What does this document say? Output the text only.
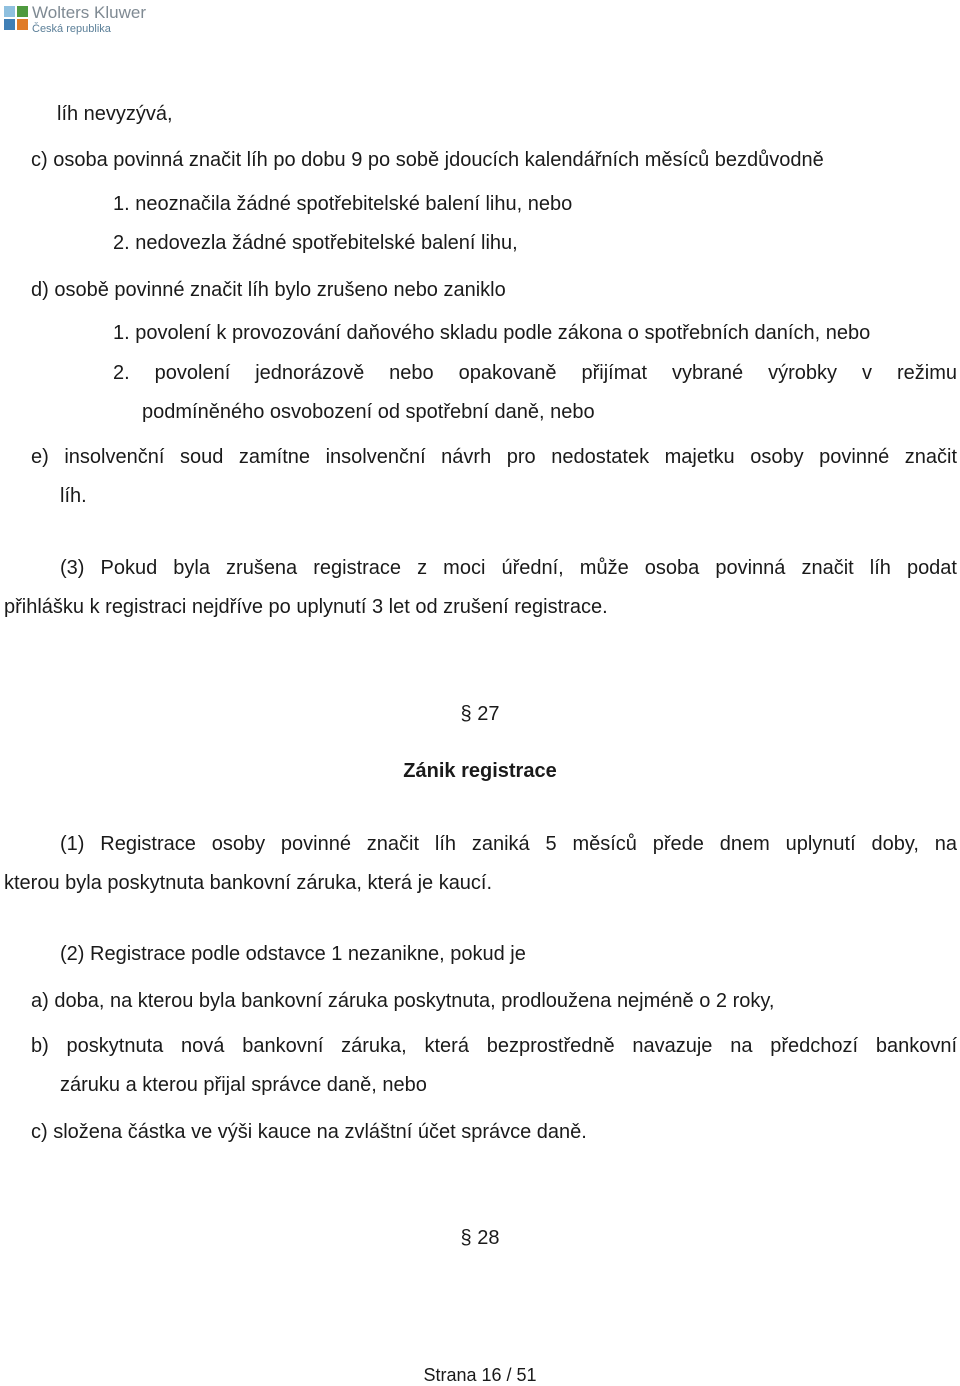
Wolters Kluwer
Česká republika
líh nevyzývá,
c) osoba povinná značit líh po dobu 9 po sobě jdoucích kalendářních měsíců bezdůvodně
1. neoznačila žádné spotřebitelské balení lihu, nebo
2. nedovezla žádné spotřebitelské balení lihu,
d) osobě povinné značit líh bylo zrušeno nebo zaniklo
1. povolení k provozování daňového skladu podle zákona o spotřebních daních, nebo
2. povolení jednorázově nebo opakovaně přijímat vybrané výrobky v režimu
podmíněného osvobození od spotřební daně, nebo
e) insolvenční soud zamítne insolvenční návrh pro nedostatek majetku osoby povinné značit
líh.
(3) Pokud byla zrušena registrace z moci úřední, může osoba povinná značit líh podat
přihlášku k registraci nejdříve po uplynutí 3 let od zrušení registrace.
§ 27
Zánik registrace
(1) Registrace osoby povinné značit líh zaniká 5 měsíců přede dnem uplynutí doby, na
kterou byla poskytnuta bankovní záruka, která je kaucí.
(2) Registrace podle odstavce 1 nezanikne, pokud je
a) doba, na kterou byla bankovní záruka poskytnuta, prodloužena nejméně o 2 roky,
b) poskytnuta nová bankovní záruka, která bezprostředně navazuje na předchozí bankovní
záruku a kterou přijal správce daně, nebo
c) složena částka ve výši kauce na zvláštní účet správce daně.
§ 28
Strana 16 / 51
